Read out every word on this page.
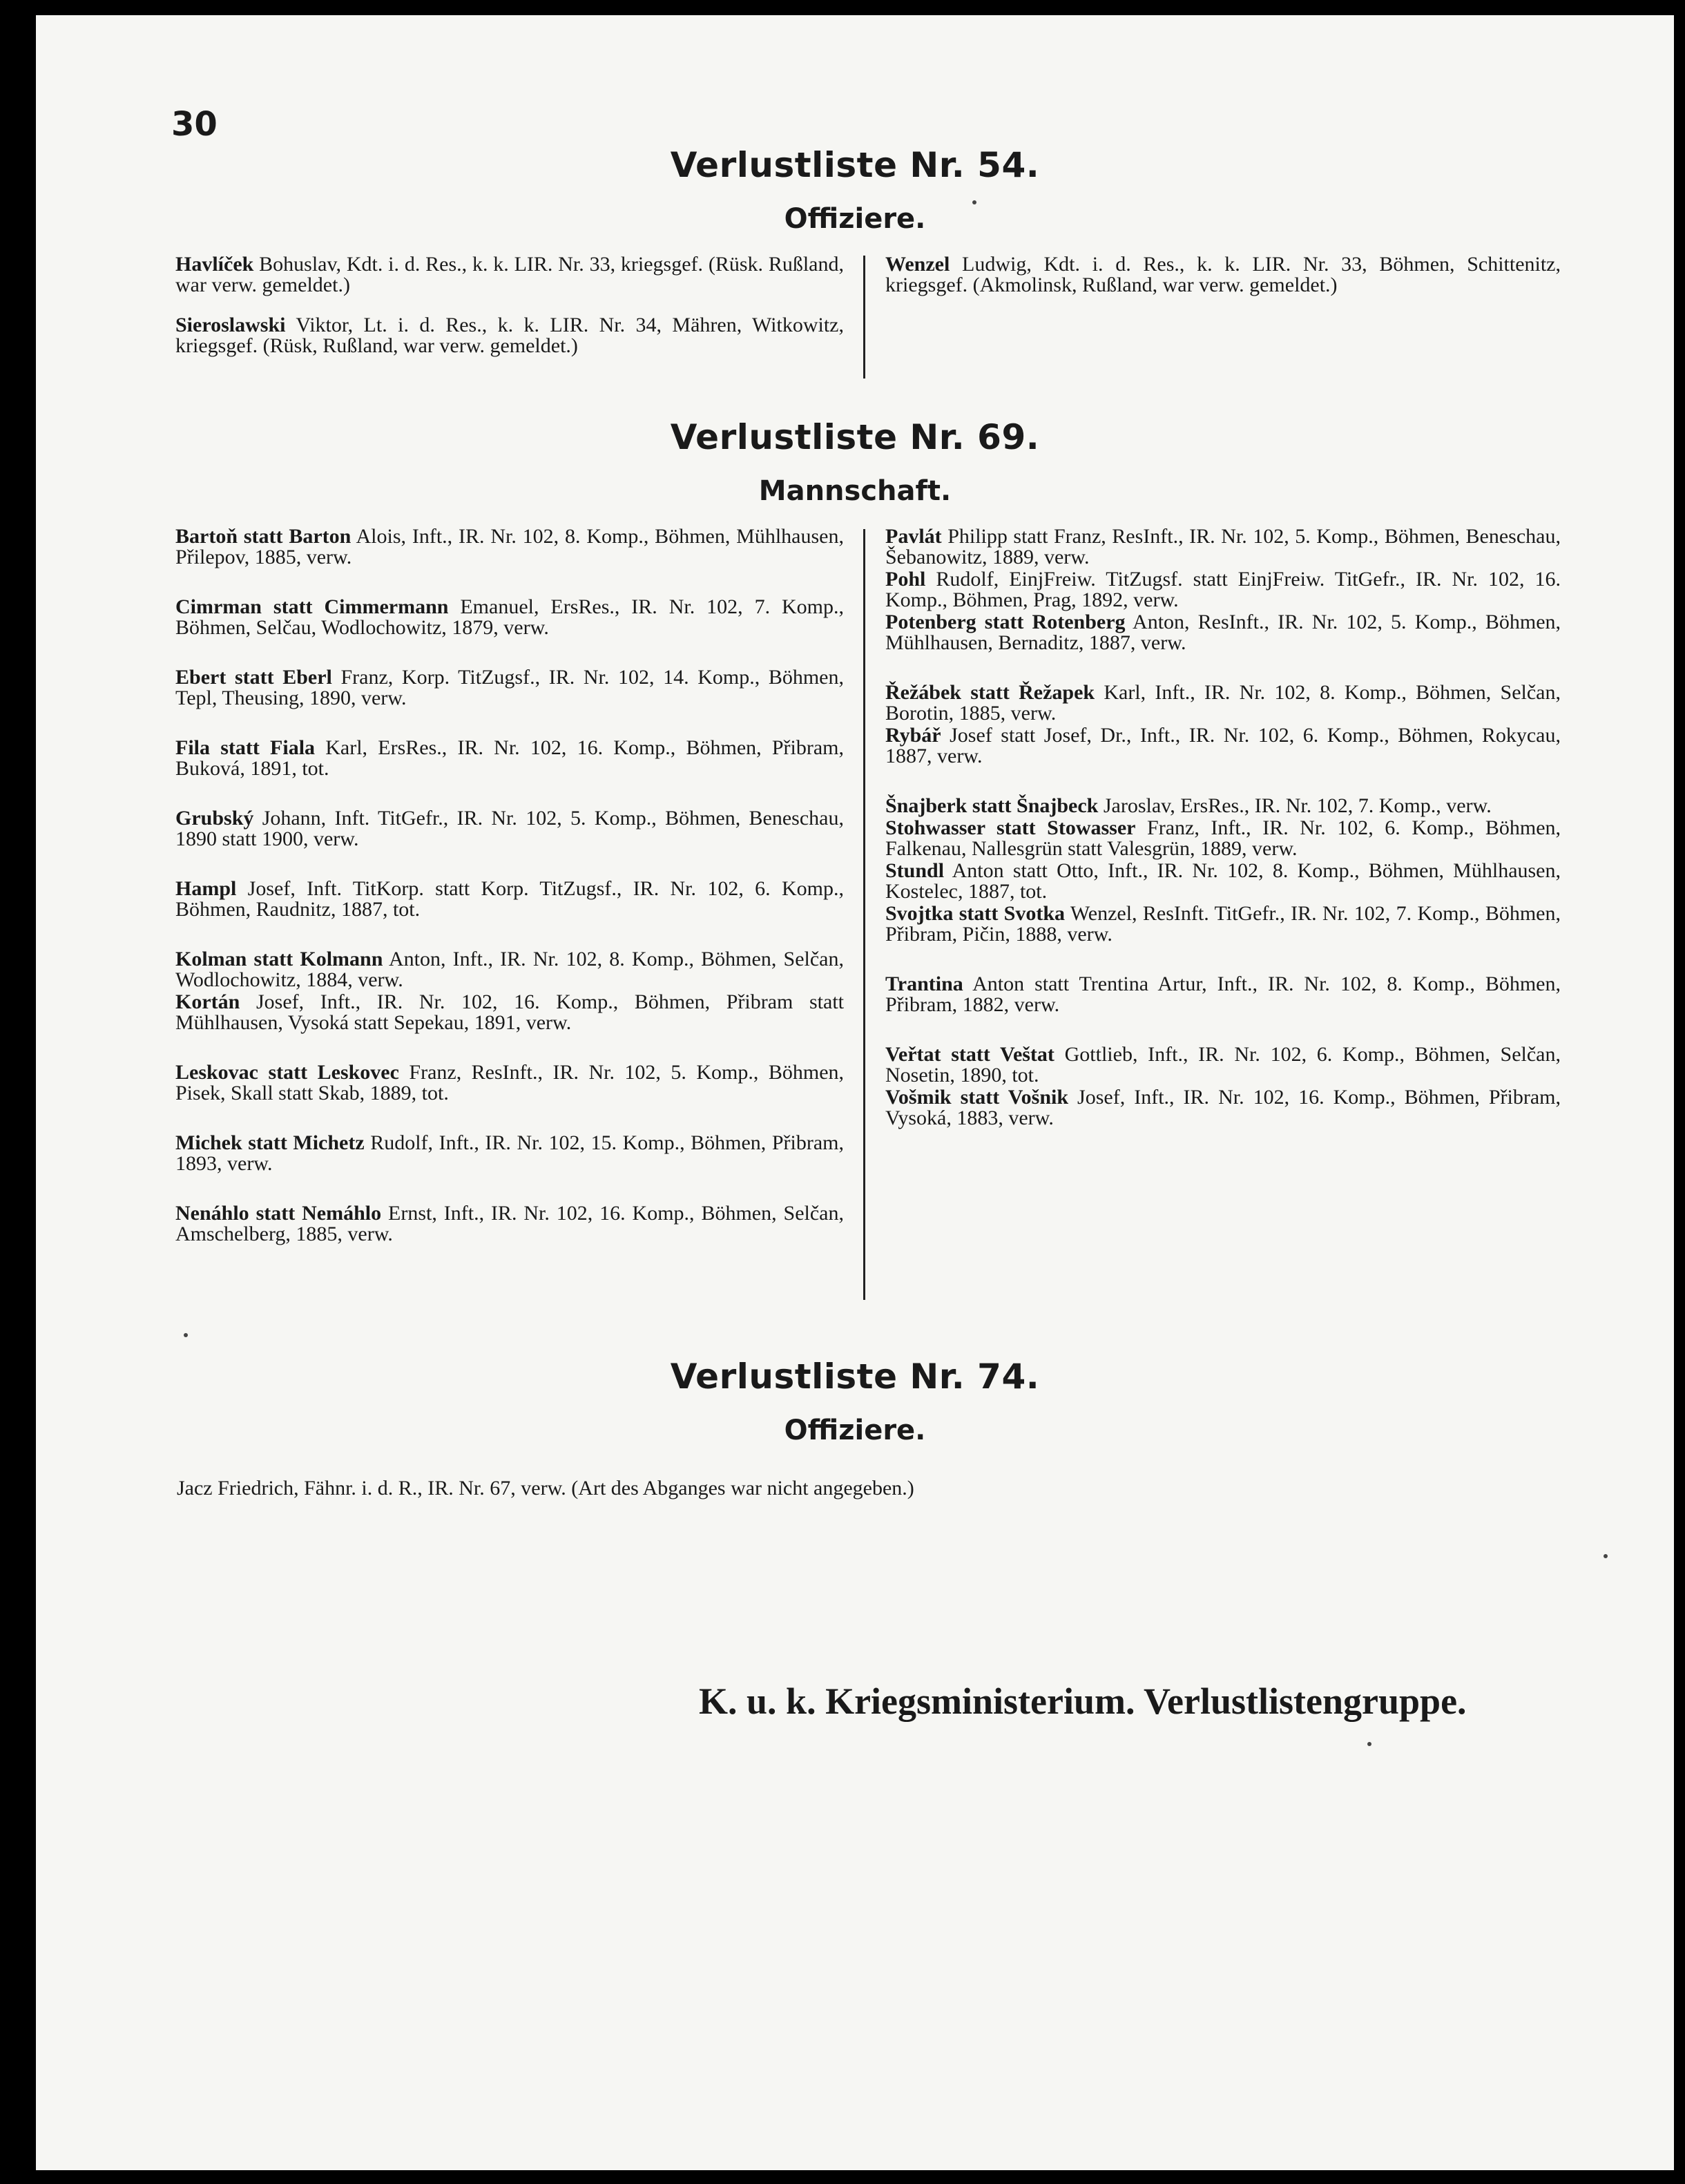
30
Verlustliste Nr. 54.
Offiziere.

Havlíček Bohuslav, Kdt. i. d. Res., k. k. LIR. Nr. 33, kriegsgef. (Rüsk. Rußland, war verw. gemeldet.)

Sieroslawski Viktor, Lt. i. d. Res., k. k. LIR. Nr. 34, Mähren, Witkowitz, kriegsgef. (Rüsk, Rußland, war verw. gemeldet.)

Wenzel Ludwig, Kdt. i. d. Res., k. k. LIR. Nr. 33, Böhmen, Schittenitz, kriegsgef. (Akmolinsk, Rußland, war verw. gemeldet.)

Verlustliste Nr. 69.
Mannschaft.

Bartoň statt Barton Alois, Inft., IR. Nr. 102, 8. Komp., Böhmen, Mühlhausen, Přilepov, 1885, verw.

Cimrman statt Cimmermann Emanuel, ErsRes., IR. Nr. 102, 7. Komp., Böhmen, Selčau, Wodlochowitz, 1879, verw.

Ebert statt Eberl Franz, Korp. TitZugsf., IR. Nr. 102, 14. Komp., Böhmen, Tepl, Theusing, 1890, verw.

Fila statt Fiala Karl, ErsRes., IR. Nr. 102, 16. Komp., Böhmen, Přibram, Buková, 1891, tot.

Grubský Johann, Inft. TitGefr., IR. Nr. 102, 5. Komp., Böhmen, Beneschau, 1890 statt 1900, verw.

Hampl Josef, Inft. TitKorp. statt Korp. TitZugsf., IR. Nr. 102, 6. Komp., Böhmen, Raudnitz, 1887, tot.

Kolman statt Kolmann Anton, Inft., IR. Nr. 102, 8. Komp., Böhmen, Selčan, Wodlochowitz, 1884, verw.

Kortán Josef, Inft., IR. Nr. 102, 16. Komp., Böhmen, Přibram statt Mühlhausen, Vysoká statt Sepekau, 1891, verw.

Leskovac statt Leskovec Franz, ResInft., IR. Nr. 102, 5. Komp., Böhmen, Pisek, Skall statt Skab, 1889, tot.

Michek statt Michetz Rudolf, Inft., IR. Nr. 102, 15. Komp., Böhmen, Přibram, 1893, verw.

Nenáhlo statt Nemáhlo Ernst, Inft., IR. Nr. 102, 16. Komp., Böhmen, Selčan, Amschelberg, 1885, verw.

Pavlát Philipp statt Franz, ResInft., IR. Nr. 102, 5. Komp., Böhmen, Beneschau, Šebanowitz, 1889, verw.

Pohl Rudolf, EinjFreiw. TitZugsf. statt EinjFreiw. TitGefr., IR. Nr. 102, 16. Komp., Böhmen, Prag, 1892, verw.

Potenberg statt Rotenberg Anton, ResInft., IR. Nr. 102, 5. Komp., Böhmen, Mühlhausen, Bernaditz, 1887, verw.

Řežábek statt Řežapek Karl, Inft., IR. Nr. 102, 8. Komp., Böhmen, Selčan, Borotin, 1885, verw.

Rybář Josef statt Josef, Dr., Inft., IR. Nr. 102, 6. Komp., Böhmen, Rokycau, 1887, verw.

Šnajberk statt Šnajbeck Jaroslav, ErsRes., IR. Nr. 102, 7. Komp., verw.

Stohwasser statt Stowasser Franz, Inft., IR. Nr. 102, 6. Komp., Böhmen, Falkenau, Nallesgrün statt Valesgrün, 1889, verw.

Stundl Anton statt Otto, Inft., IR. Nr. 102, 8. Komp., Böhmen, Mühlhausen, Kostelec, 1887, tot.

Svojtka statt Svotka Wenzel, ResInft. TitGefr., IR. Nr. 102, 7. Komp., Böhmen, Přibram, Pičin, 1888, verw.

Trantina Anton statt Trentina Artur, Inft., IR. Nr. 102, 8. Komp., Böhmen, Přibram, 1882, verw.

Veřtat statt Veštat Gottlieb, Inft., IR. Nr. 102, 6. Komp., Böhmen, Selčan, Nosetin, 1890, tot.

Vošmik statt Vošnik Josef, Inft., IR. Nr. 102, 16. Komp., Böhmen, Přibram, Vysoká, 1883, verw.

Verlustliste Nr. 74.
Offiziere.
Jacz Friedrich, Fähnr. i. d. R., IR. Nr. 67, verw. (Art des Abganges war nicht angegeben.)
K. u. k. Kriegsministerium. Verlustlistengruppe.
